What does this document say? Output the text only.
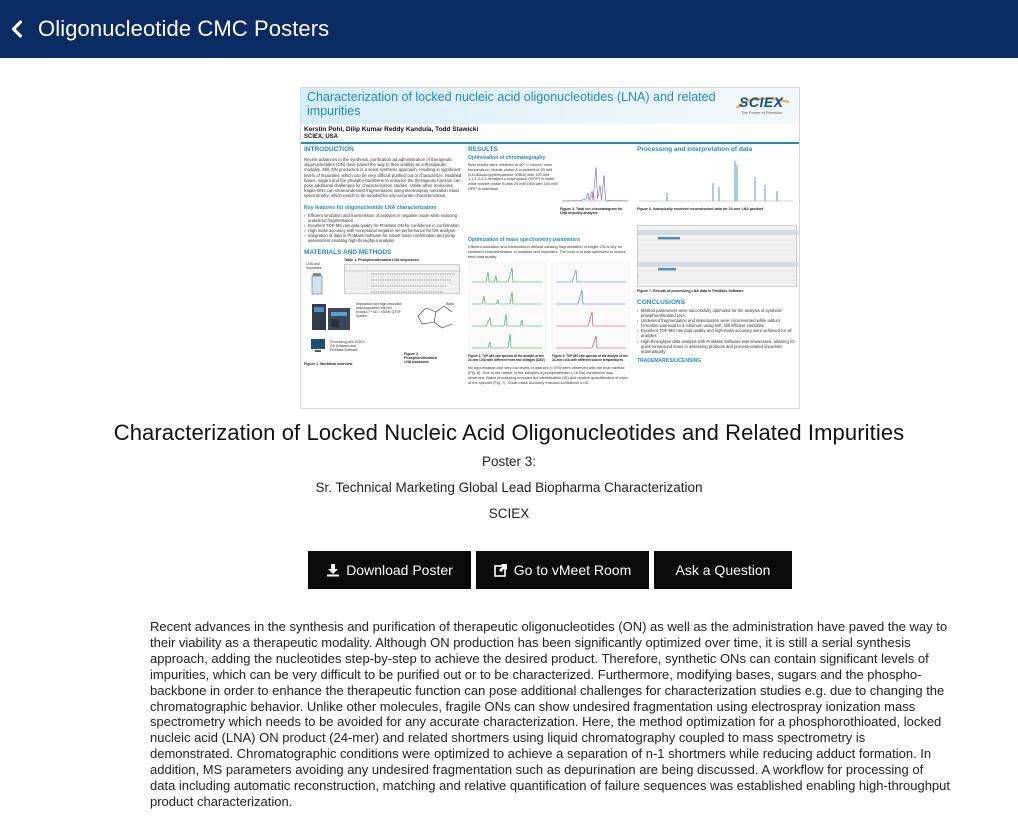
Oligonucleotide CMC Posters
Characterization of locked nucleic acid oligonucleotides (LNA) and related impurities
SCIEX
The Power of Precision
Kerstin Pohl, Dilip Kumar Reddy Kandula, Todd Stawicki
SCIEX, USA
INTRODUCTION
Recent advances in the synthesis, purification ad administration of therapeutic oligonucleotides (ON) have paved the way to their viability as a therapeutic modality. Still, ON production is a serial synthesis approach, resulting in significant levels of impurities, which can be very difficult purified out or characterize. Modified bases, sugars and the phospho-backbone to enhance the therapeutic function can pose additional challenges for characterization studies. Unlike other molecules, fragile ONs can show undesired fragmentation using electrospray ionization mass spectrometry, which needs to be avoided for any accurate characterization.
Key features for oligonucleotide LNA characterization
▪ Efficient ionization and transmission of analytes in negative mode while reducing undesired fragmentation
▪ Excellent TOF-MS raw data quality for ProMass ON for confidence in confirmation
▪ High mass accuracy with exceptional negative ion performance for ON analysis
▪ Integration of data in ProMass Software for robust mass confirmation and purity assessment enabling high-throughput analysis
MATERIALS AND METHODS
LNA and impurities
Table 1. Phosphorothioated LNA sequences
Separation and high-resolution data acquisition with the ExionLC™ AD / X500B QTOF System
Base
Processing with SCIEX OS Software and ProMass Software
Figure 1. Workflow overview
Figure 2. Phosphorothioated LNA backbone
RESULTS
Optimization of chromatography
Best results were obtained at 60° C column oven temperature. Mobile phase A consisted of 20 mM N,N-diisopropylethylamine (DIEA) with 100 mM 1,1,1,3,3,3-hexafluoro-isopropanol (HFIP) in water while mobile phase B was 20 mM DEA with 100 mM HFIP in methanol.
Figure 3. Total ion chromatogram for LNA impurity analysis
Optimization of mass spectrometry parameters
Efficient ionization and transmission without causing fragmentation of fragile ON is key for confident characterization of analytes and impurities. The front end was optimized to ensure best data quality.
Figure 4. TOF-MS raw spectra of the analyte of the 24-mer LNA with different front end voltages (DAV)
Figure 5. TOF-MS raw spectra of the analyte of the 24-mer LNA with different source temperatures
No depurination and very low levels of adducts (< 5%) were observed with the final method (Fig. 5). Due to the nature of the samples a phosphodiester (-16 Da) conversion was observed. Batch processing revealed the identification (ID) and relative quantification of each of the species (Fig. 7). Great mass accuracy ensured confidence in ID.
Processing and interpretation of data
Figure 6. Isotopically resolved reconstructed data for 24-mer LNA product
Figure 7. Results of processing LNA data in ProMass Software
CONCLUSIONS
▪ Method parameters were successfully optimized for the analysis of synthetic phosphorothioated LNA
▪ Undesired fragmentation and depurination were circumvented while adduct formation was kept to a minimum using soft, still efficient ionization
▪ Excellent TOF-MS raw data quality and high mass accuracy were achieved for all analytes
▪ High-throughput data analysis with ProMass Software was showcased, allowing for quick turnaround times in assessing products and process-related impurities automatically
TRADEMARKS/LICENSING
Characterization of Locked Nucleic Acid Oligonucleotides and Related Impurities
Poster 3:
Sr. Technical Marketing Global Lead Biopharma Characterization
SCIEX
Download Poster	Go to vMeet Room	Ask a Question
Recent advances in the synthesis and purification of therapeutic oligonucleotides (ON) as well as the administration have paved the way to their viability as a therapeutic modality. Although ON production has been significantly optimized over time, it is still a serial synthesis approach, adding the nucleotides step-by-step to achieve the desired product. Therefore, synthetic ONs can contain significant levels of impurities, which can be very difficult to be purified out or to be characterized. Furthermore, modifying bases, sugars and the phospho-backbone in order to enhance the therapeutic function can pose additional challenges for characterization studies e.g. due to changing the chromatographic behavior. Unlike other molecules, fragile ONs can show undesired fragmentation using electrospray ionization mass spectrometry which needs to be avoided for any accurate characterization. Here, the method optimization for a phosphorothioated, locked nucleic acid (LNA) ON product (24-mer) and related shortmers using liquid chromatography coupled to mass spectrometry is demonstrated. Chromatographic conditions were optimized to achieve a separation of n-1 shortmers while reducing adduct formation. In addition, MS parameters avoiding any undesired fragmentation such as depurination are being discussed. A workflow for processing of data including automatic reconstruction, matching and relative quantification of failure sequences was established enabling high-throughput product characterization.
